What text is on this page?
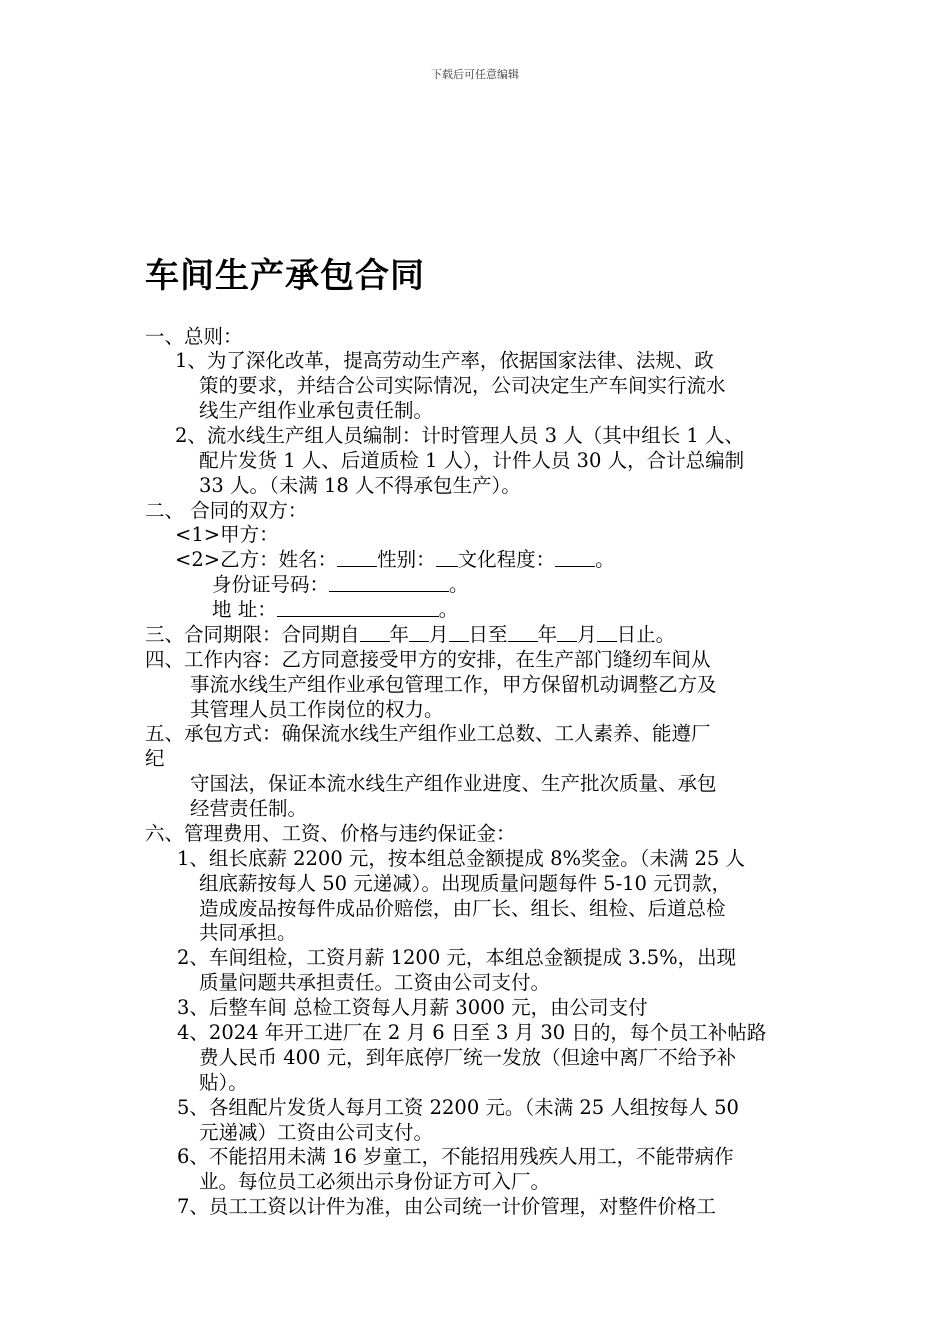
下载后可任意编辑
车间生产承包合同
一、总则：
1、为了深化改革，提高劳动生产率，依据国家法律、法规、政
策的要求，并结合公司实际情况，公司决定生产车间实行流水
线生产组作业承包责任制。
2、流水线生产组人员编制：计时管理人员 3 人（其中组长 1 人、
配片发货 1 人、后道质检 1 人），计件人员 30 人，合计总编制
33 人。（未满 18 人不得承包生产）。
二、 合同的双方：
<1>甲方：
<2>乙方：姓名： 性别： 文化程度： 。
身份证号码：	。
地 址：	。
三、合同期限：合同期自 年 月 日至 年 月 日止。
四、工作内容：乙方同意接受甲方的安排，在生产部门缝纫车间从
事流水线生产组作业承包管理工作，甲方保留机动调整乙方及
其管理人员工作岗位的权力。
五、承包方式：确保流水线生产组作业工总数、工人素养、能遵厂
纪
守国法，保证本流水线生产组作业进度、生产批次质量、承包
经营责任制。
六、管理费用、工资、价格与违约保证金：
1、组长底薪 2200 元，按本组总金额提成 8%奖金。（未满 25 人
组底薪按每人 50 元递减）。出现质量问题每件 5-10 元罚款，
造成废品按每件成品价赔偿，由厂长、组长、组检、后道总检
共同承担。
2、车间组检，工资月薪 1200 元，本组总金额提成 3.5%，出现
质量问题共承担责任。工资由公司支付。
3、后整车间 总检工资每人月薪 3000 元，由公司支付
4、2024 年开工进厂在 2 月 6 日至 3 月 30 日的，每个员工补帖路
费人民币 400 元，到年底停厂统一发放（但途中离厂不给予补
贴）。
5、各组配片发货人每月工资 2200 元。（未满 25 人组按每人 50
元递减）工资由公司支付。
6、不能招用未满 16 岁童工，不能招用残疾人用工，不能带病作
业。每位员工必须出示身份证方可入厂。
7、员工工资以计件为准，由公司统一计价管理，对整件价格工
